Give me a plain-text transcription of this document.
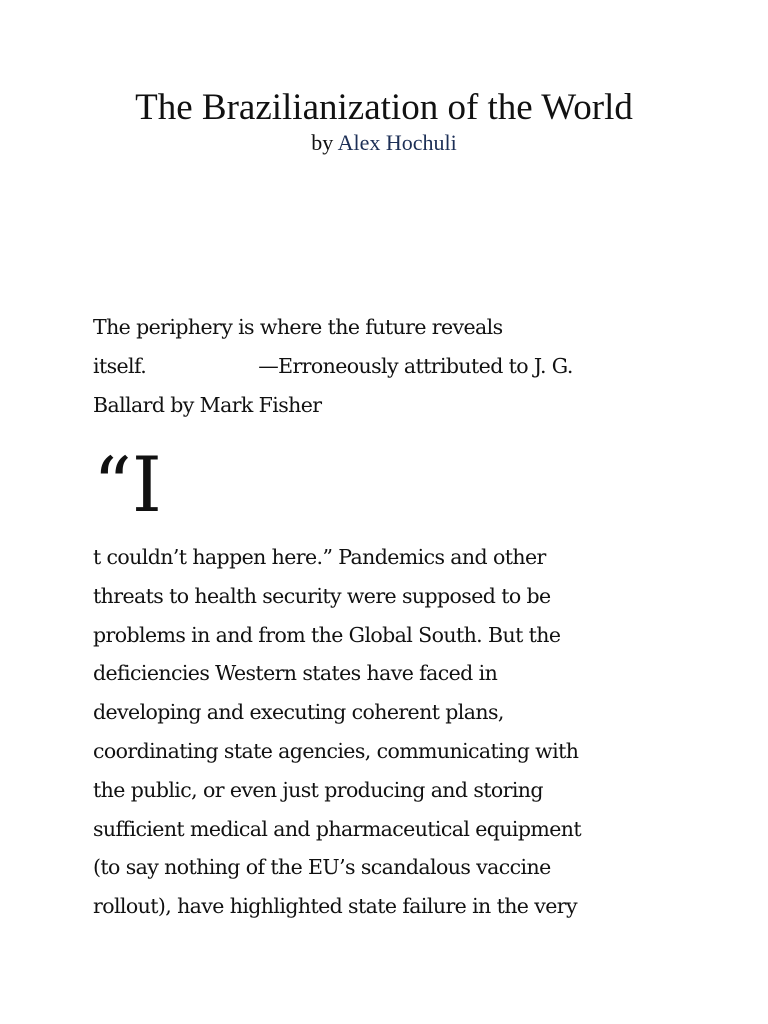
The Brazilianization of the World
by Alex Hochuli
The periphery is where the future reveals
itself.	—Erroneously attributed to J. G.
Ballard by Mark Fisher
“I
t couldn’t happen here.” Pandemics and other
threats to health security were supposed to be
problems in and from the Global South. But the
deficiencies Western states have faced in
developing and executing coherent plans,
coordinating state agencies, communicating with
the public, or even just producing and storing
sufficient medical and pharmaceutical equipment
(to say nothing of the EU’s scandalous vaccine
rollout), have highlighted state failure in the very
